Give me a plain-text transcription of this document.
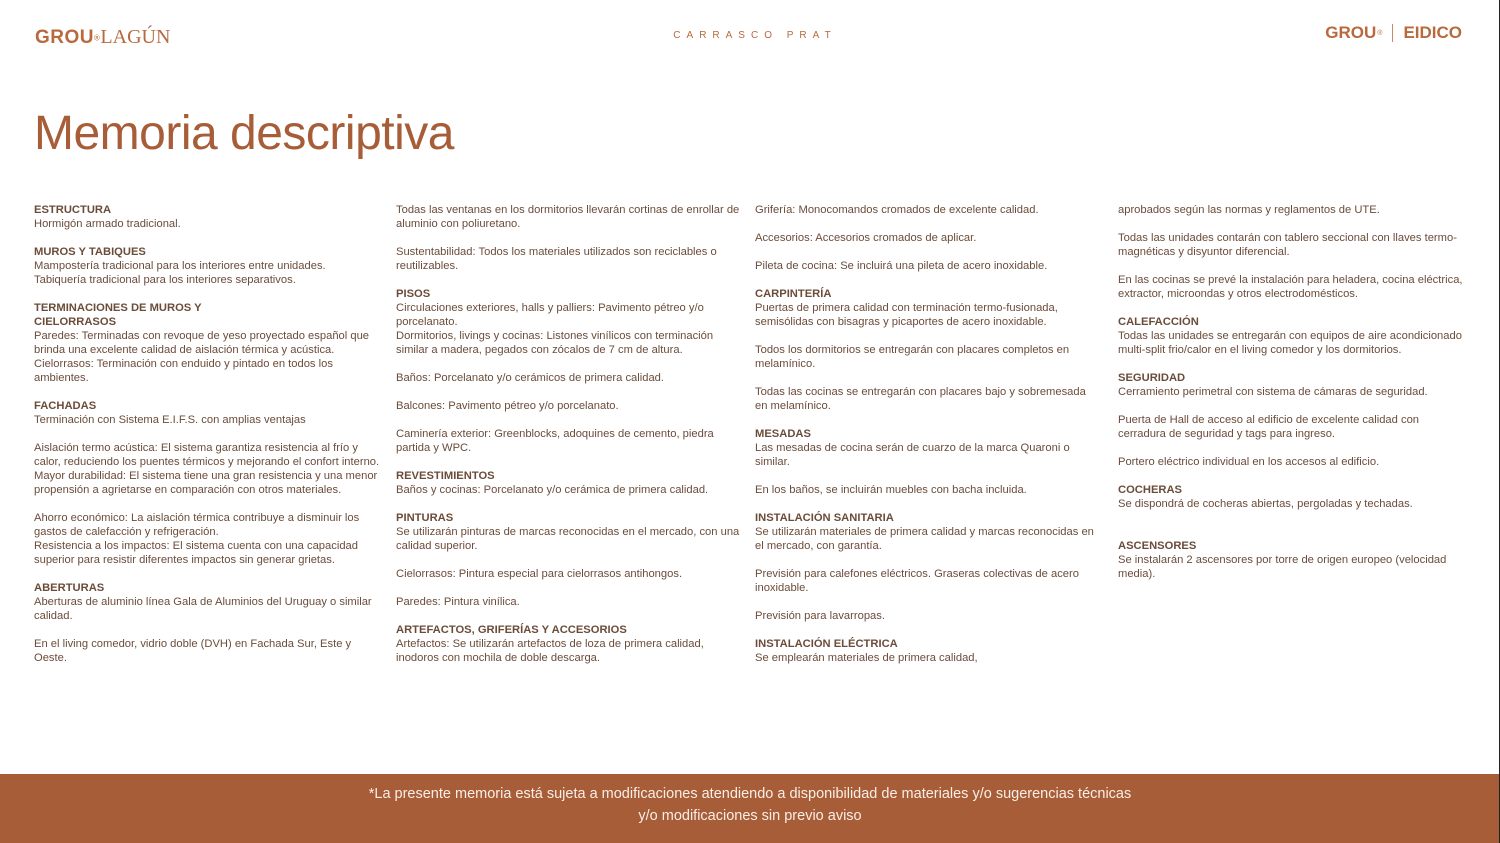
GROU®LAGÚN	CARRASCO PRAT	GROU ® EIDICO
Memoria descriptiva
ESTRUCTURA

Hormigón armado tradicional.

MUROS Y TABIQUES

Mampostería tradicional para los interiores entre unidades.

Tabiquería tradicional para los interiores separativos.

TERMINACIONES DE MUROS Y
CIELORRASOS

Paredes: Terminadas con revoque de yeso proyectado español que brinda una excelente calidad de aislación térmica y acústica.

Cielorrasos: Terminación con enduido y pintado en todos los ambientes.

FACHADAS

Terminación con Sistema E.I.F.S. con amplias ventajas

Aislación termo acústica: El sistema garantiza resistencia al frío y calor, reduciendo los puentes térmicos y mejorando el confort interno.

Mayor durabilidad: El sistema tiene una gran resistencia y una menor propensión a agrietarse en comparación con otros materiales.

Ahorro económico: La aislación térmica contribuye a disminuir los gastos de calefacción y refrigeración.

Resistencia a los impactos: El sistema cuenta con una capacidad superior para resistir diferentes impactos sin generar grietas.

ABERTURAS

Aberturas de aluminio línea Gala de Aluminios del Uruguay o similar calidad.

En el living comedor, vidrio doble (DVH) en Fachada Sur, Este y Oeste.

Todas las ventanas en los dormitorios llevarán cortinas de enrollar de aluminio con poliuretano.

Sustentabilidad: Todos los materiales utilizados son reciclables o reutilizables.

PISOS

Circulaciones exteriores, halls y palliers: Pavimento pétreo y/o porcelanato.

Dormitorios, livings y cocinas: Listones vinílicos con terminación similar a madera, pegados con zócalos de 7 cm de altura.

Baños: Porcelanato y/o cerámicos de primera calidad.

Balcones: Pavimento pétreo y/o porcelanato.

Caminería exterior: Greenblocks, adoquines de cemento, piedra partida y WPC.

REVESTIMIENTOS

Baños y cocinas: Porcelanato y/o cerámica de primera calidad.

PINTURAS

Se utilizarán pinturas de marcas reconocidas en el mercado, con una calidad superior.

Cielorrasos: Pintura especial para cielorrasos antihongos.

Paredes: Pintura vinílica.

ARTEFACTOS, GRIFERÍAS Y ACCESORIOS

Artefactos: Se utilizarán artefactos de loza de primera calidad, inodoros con mochila de doble descarga.

Grifería: Monocomandos cromados de excelente calidad.

Accesorios: Accesorios cromados de aplicar.

Pileta de cocina: Se incluirá una pileta de acero inoxidable.

CARPINTERÍA

Puertas de primera calidad con terminación termo-fusionada, semisólidas con bisagras y picaportes de acero inoxidable.

Todos los dormitorios se entregarán con placares completos en melamínico.

Todas las cocinas se entregarán con placares bajo y sobremesada en melamínico.

MESADAS

Las mesadas de cocina serán de cuarzo de la marca Quaroni o similar.

En los baños, se incluirán muebles con bacha incluida.

INSTALACIÓN SANITARIA

Se utilizarán materiales de primera calidad y marcas reconocidas en el mercado, con garantía.

Previsión para calefones eléctricos. Graseras colectivas de acero inoxidable.

Previsión para lavarropas.

INSTALACIÓN ELÉCTRICA

Se emplearán materiales de primera calidad,

aprobados según las normas y reglamentos de UTE.

Todas las unidades contarán con tablero seccional con llaves termo-magnéticas y disyuntor diferencial.

En las cocinas se prevé la instalación para heladera, cocina eléctrica, extractor, microondas y otros electrodomésticos.

CALEFACCIÓN

Todas las unidades se entregarán con equipos de aire acondicionado multi-split frio/calor en el living comedor y los dormitorios.

SEGURIDAD

Cerramiento perimetral con sistema de cámaras de seguridad.

Puerta de Hall de acceso al edificio de excelente calidad con cerradura de seguridad y tags para ingreso.

Portero eléctrico individual en los accesos al edificio.

COCHERAS

Se dispondrá de cocheras abiertas, pergoladas y techadas.

ASCENSORES

Se instalarán 2 ascensores por torre de origen europeo (velocidad media).

*La presente memoria está sujeta a modificaciones atendiendo a disponibilidad de materiales y/o sugerencias técnicas
y/o modificaciones sin previo aviso
